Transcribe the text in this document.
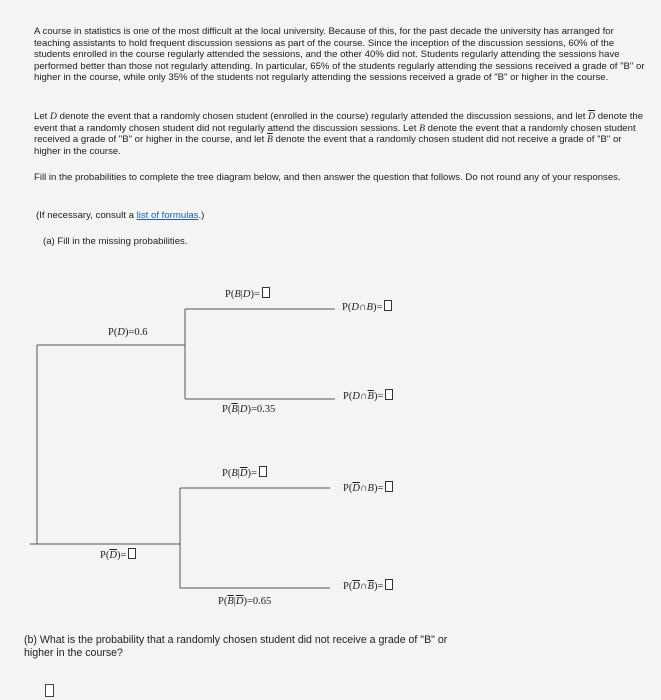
A course in statistics is one of the most difficult at the local university. Because of this, for the past decade the university has arranged for teaching assistants to hold frequent discussion sessions as part of the course. Since the inception of the discussion sessions, 60% of the students enrolled in the course regularly attended the sessions, and the other 40% did not. Students regularly attending the sessions have performed better than those not regularly attending. In particular, 65% of the students regularly attending the sessions received a grade of "B" or higher in the course, while only 35% of the students not regularly attending the sessions received a grade of "B" or higher in the course.

Let D denote the event that a randomly chosen student (enrolled in the course) regularly attended the discussion sessions, and let $\overline{D}$ denote the event that a randomly chosen student did not regularly attend the discussion sessions. Let B denote the event that a randomly chosen student received a grade of "B" or higher in the course, and let $\overline{B}$ denote the event that a randomly chosen student did not receive a grade of "B" or higher in the course.

Fill in the probabilities to complete the tree diagram below, and then answer the question that follows. Do not round any of your responses.

(If necessary, consult a list of formulas.)

(a) Fill in the missing probabilities.

P(D)=0.6
$P(\overline{D})=$
P(B|D)=
$P(\overline{B}|D)=0.35$
$P(B|\overline{D})=$
$P(\overline{B}|\overline{D})=0.65$
P(D∩B)=
$P(D\cap\overline{B})=$
$P(\overline{D}\cap B)=$
$P(\overline{D}\cap\overline{B})=$

(b) What is the probability that a randomly chosen student did not receive a grade of "B" or higher in the course?
